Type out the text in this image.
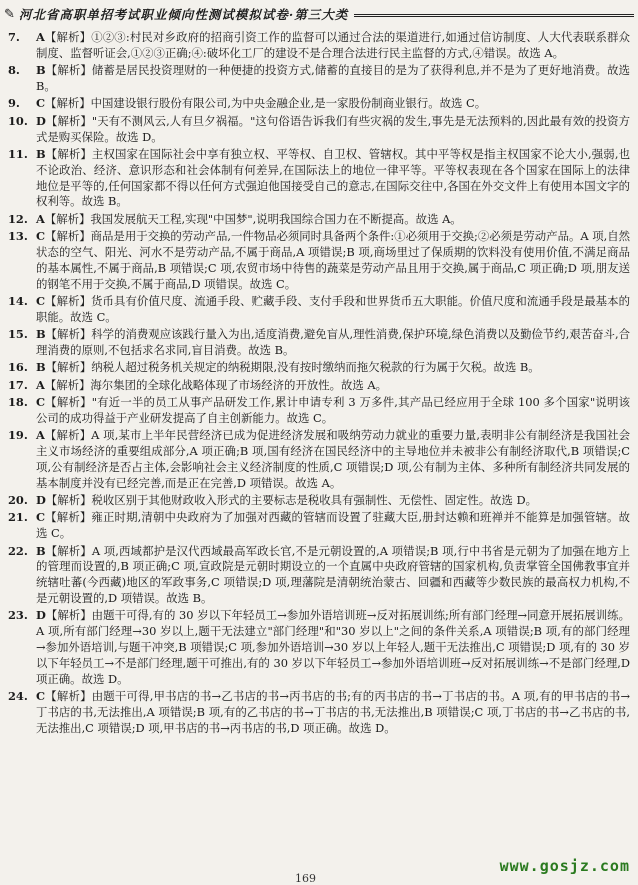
✎ 河北省高职单招考试职业倾向性测试模拟试卷·第三大类
7.	A【解析】①②③:村民对乡政府的招商引资工作的监督可以通过合法的渠道进行,如通过信访制度、人大代表联系群众制度、监督听证会,①②③正确;④:破坏化工厂的建设不是合理合法进行民主监督的方式,④错误。故选 A。
8.	B【解析】储蓄是居民投资理财的一种便捷的投资方式,储蓄的直接目的是为了获得利息,并不是为了更好地消费。故选 B。
9.	C【解析】中国建设银行股份有限公司,为中央金融企业,是一家股份制商业银行。故选 C。
10. D【解析】"天有不测风云,人有旦夕祸福。"这句俗语告诉我们有些灾祸的发生,事先是无法预料的,因此最有效的投资方式是购买保险。故选 D。
11. B【解析】主权国家在国际社会中享有独立权、平等权、自卫权、管辖权。其中平等权是指主权国家不论大小,强弱,也不论政治、经济、意识形态和社会体制有何差异,在国际法上的地位一律平等。平等权表现在各个国家在国际上的法律地位是平等的,任何国家都不得以任何方式强迫他国接受自己的意志,在国际交往中,各国在外交文件上有使用本国文字的权利等。故选 B。
12. A【解析】我国发展航天工程,实现"中国梦",说明我国综合国力在不断提高。故选 A。
13. C【解析】商品是用于交换的劳动产品,一件物品必须同时具备两个条件:①必须用于交换;②必须是劳动产品。A 项,自然状态的空气、阳光、河水不是劳动产品,不属于商品,A 项错误;B 项,商场里过了保质期的饮料没有使用价值,不满足商品的基本属性,不属于商品,B 项错误;C 项,农贸市场中待售的蔬菜是劳动产品且用于交换,属于商品,C 项正确;D 项,朋友送的钢笔不用于交换,不属于商品,D 项错误。故选 C。
14. C【解析】货币具有价值尺度、流通手段、贮藏手段、支付手段和世界货币五大职能。价值尺度和流通手段是最基本的职能。故选 C。
15. B【解析】科学的消费观应该践行量入为出,适度消费,避免盲从,理性消费,保护环境,绿色消费以及勤俭节约,艰苦奋斗,合理消费的原则,不包括求名求同,盲目消费。故选 B。
16. B【解析】纳税人超过税务机关规定的纳税期限,没有按时缴纳而拖欠税款的行为属于欠税。故选 B。
17. A【解析】海尔集团的全球化战略体现了市场经济的开放性。故选 A。
18. C【解析】"有近一半的员工从事产品研发工作,累计申请专利 3 万多件,其产品已经应用于全球 100 多个国家"说明该公司的成功得益于产业研发提高了自主创新能力。故选 C。
19. A【解析】A 项,某市上半年民营经济已成为促进经济发展和吸纳劳动力就业的重要力量,表明非公有制经济是我国社会主义市场经济的重要组成部分,A 项正确;B 项,国有经济在国民经济中的主导地位并未被非公有制经济取代,B 项错误;C 项,公有制经济是否占主体,会影响社会主义经济制度的性质,C 项错误;D 项,公有制为主体、多种所有制经济共同发展的基本制度并没有已经完善,而是正在完善,D 项错误。故选 A。
20. D【解析】税收区别于其他财政收入形式的主要标志是税收具有强制性、无偿性、固定性。故选 D。
21. C【解析】雍正时期,清朝中央政府为了加强对西藏的管辖而设置了驻藏大臣,册封达赖和班禅并不能算是加强管辖。故选 C。
22. B【解析】A 项,西域都护是汉代西域最高军政长官,不是元朝设置的,A 项错误;B 项,行中书省是元朝为了加强在地方上的管理而设置的,B 项正确;C 项,宣政院是元朝时期设立的一个直属中央政府管辖的国家机构,负责掌管全国佛教事宜并统辖吐蕃(今西藏)地区的军政事务,C 项错误;D 项,理藩院是清朝统治蒙古、回疆和西藏等少数民族的最高权力机构,不是元朝设置的,D 项错误。故选 B。
23. D【解析】由题干可得,有的 30 岁以下年轻员工→参加外语培训班→反对拓展训练;所有部门经理→同意开展拓展训练。A 项,所有部门经理→30 岁以上,题干无法建立"部门经理"和"30 岁以上"之间的条件关系,A 项错误;B 项,有的部门经理→参加外语培训,与题干冲突,B 项错误;C 项,参加外语培训→30 岁以上年轻人,题干无法推出,C 项错误;D 项,有的 30 岁以下年轻员工→不是部门经理,题干可推出,有的 30 岁以下年轻员工→参加外语培训班→反对拓展训练→不是部门经理,D 项正确。故选 D。
24. C【解析】由题干可得,甲书店的书→乙书店的书→丙书店的书;有的丙书店的书→丁书店的书。A 项,有的甲书店的书→丁书店的书,无法推出,A 项错误;B 项,有的乙书店的书→丁书店的书,无法推出,B 项错误;C 项,丁书店的书→乙书店的书,无法推出,C 项错误;D 项,甲书店的书→丙书店的书,D 项正确。故选 D。
169
www.gosjz.com
